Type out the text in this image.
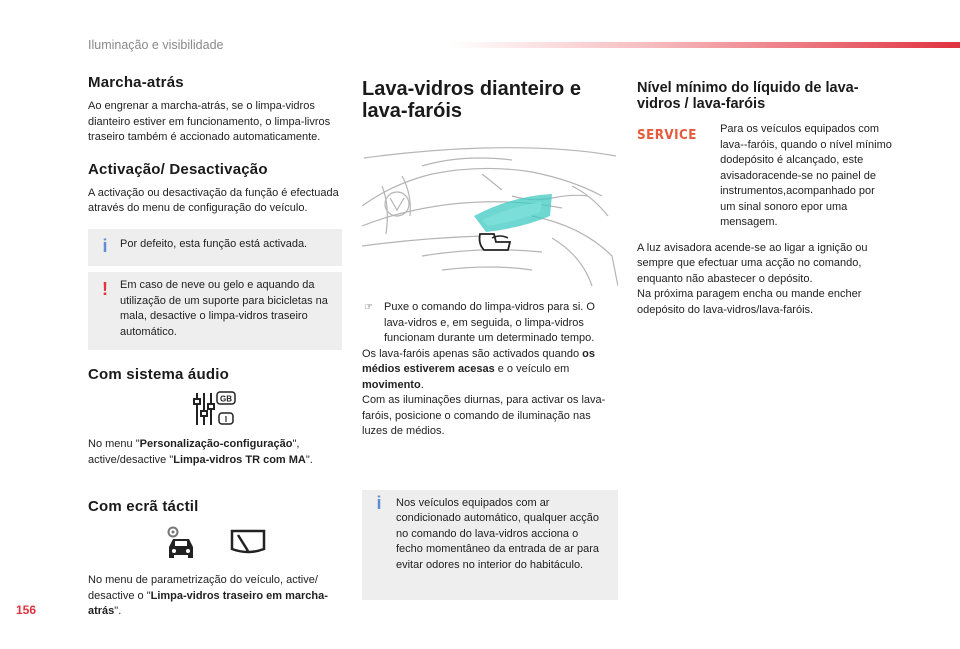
Iluminação e visibilidade
156
Marcha-atrás

Ao engrenar a marcha-atrás, se o limpa-vidros dianteiro estiver em funcionamento, o limpa-livros traseiro também é accionado automaticamente.

Activação/ Desactivação

A activação ou desactivação da função é efectuada através do menu de configuração do veículo.

i	Por defeito, esta função está activada.
!	Em caso de neve ou gelo e aquando da utilização de um suporte para bicicletas na mala, desactive o limpa-vidros traseiro automático.
Com sistema áudio
GB
I

No menu "Personalização-configuração", active/desactive "Limpa-vidros TR com MA".

Com ecrã táctil

No menu de parametrização do veículo, active/ desactive o "Limpa-vidros traseiro em marcha-atrás".

Lava-vidros dianteiro e lava-faróis
☞ Puxe o comando do limpa-vidros para si. O lava-vidros e, em seguida, o limpa-vidros funcionam durante um determinado tempo.

Os lava-faróis apenas são activados quando os médios estiverem acesas e o veículo em movimento.

Com as iluminações diurnas, para activar os lava-faróis, posicione o comando de iluminação nas luzes de médios.

i	Nos veículos equipados com ar condicionado automático, qualquer acção no comando do lava-vidros acciona o fecho momentâneo da entrada de ar para evitar odores no interior do habitáculo.
Nível mínimo do líquido de lava-vidros / lava-faróis
SERVICE Para os veículos equipados com lava--faróis, quando o nível mínimo dodepósito é alcançado, este avisadoracende-se no painel de instrumentos,acompanhado por um sinal sonoro epor uma mensagem.

A luz avisadora acende-se ao ligar a ignição ou sempre que efectuar uma acção no comando, enquanto não abastecer o depósito.

Na próxima paragem encha ou mande encher odepósito do lava-vidros/lava-faróis.
